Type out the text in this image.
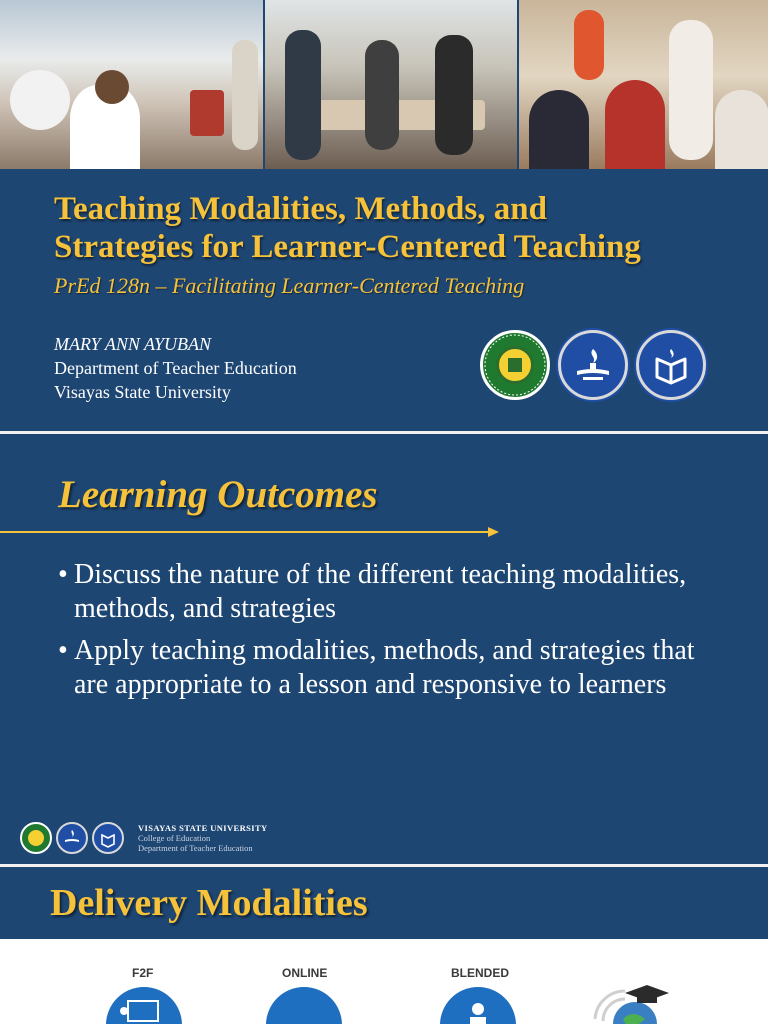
Teaching Modalities, Methods, and
Strategies for Learner-Centered Teaching
PrEd 128n – Facilitating Learner-Centered Teaching
MARY ANN AYUBAN
Department of Teacher Education
Visayas State University
Learning Outcomes
• Discuss the nature of the different teaching modalities, methods, and strategies
• Apply teaching modalities, methods, and strategies that are appropriate to a lesson and responsive to learners
VISAYAS STATE UNIVERSITY
College of Education
Department of Teacher Education
Delivery Modalities
F2F	ONLINE	BLENDED
